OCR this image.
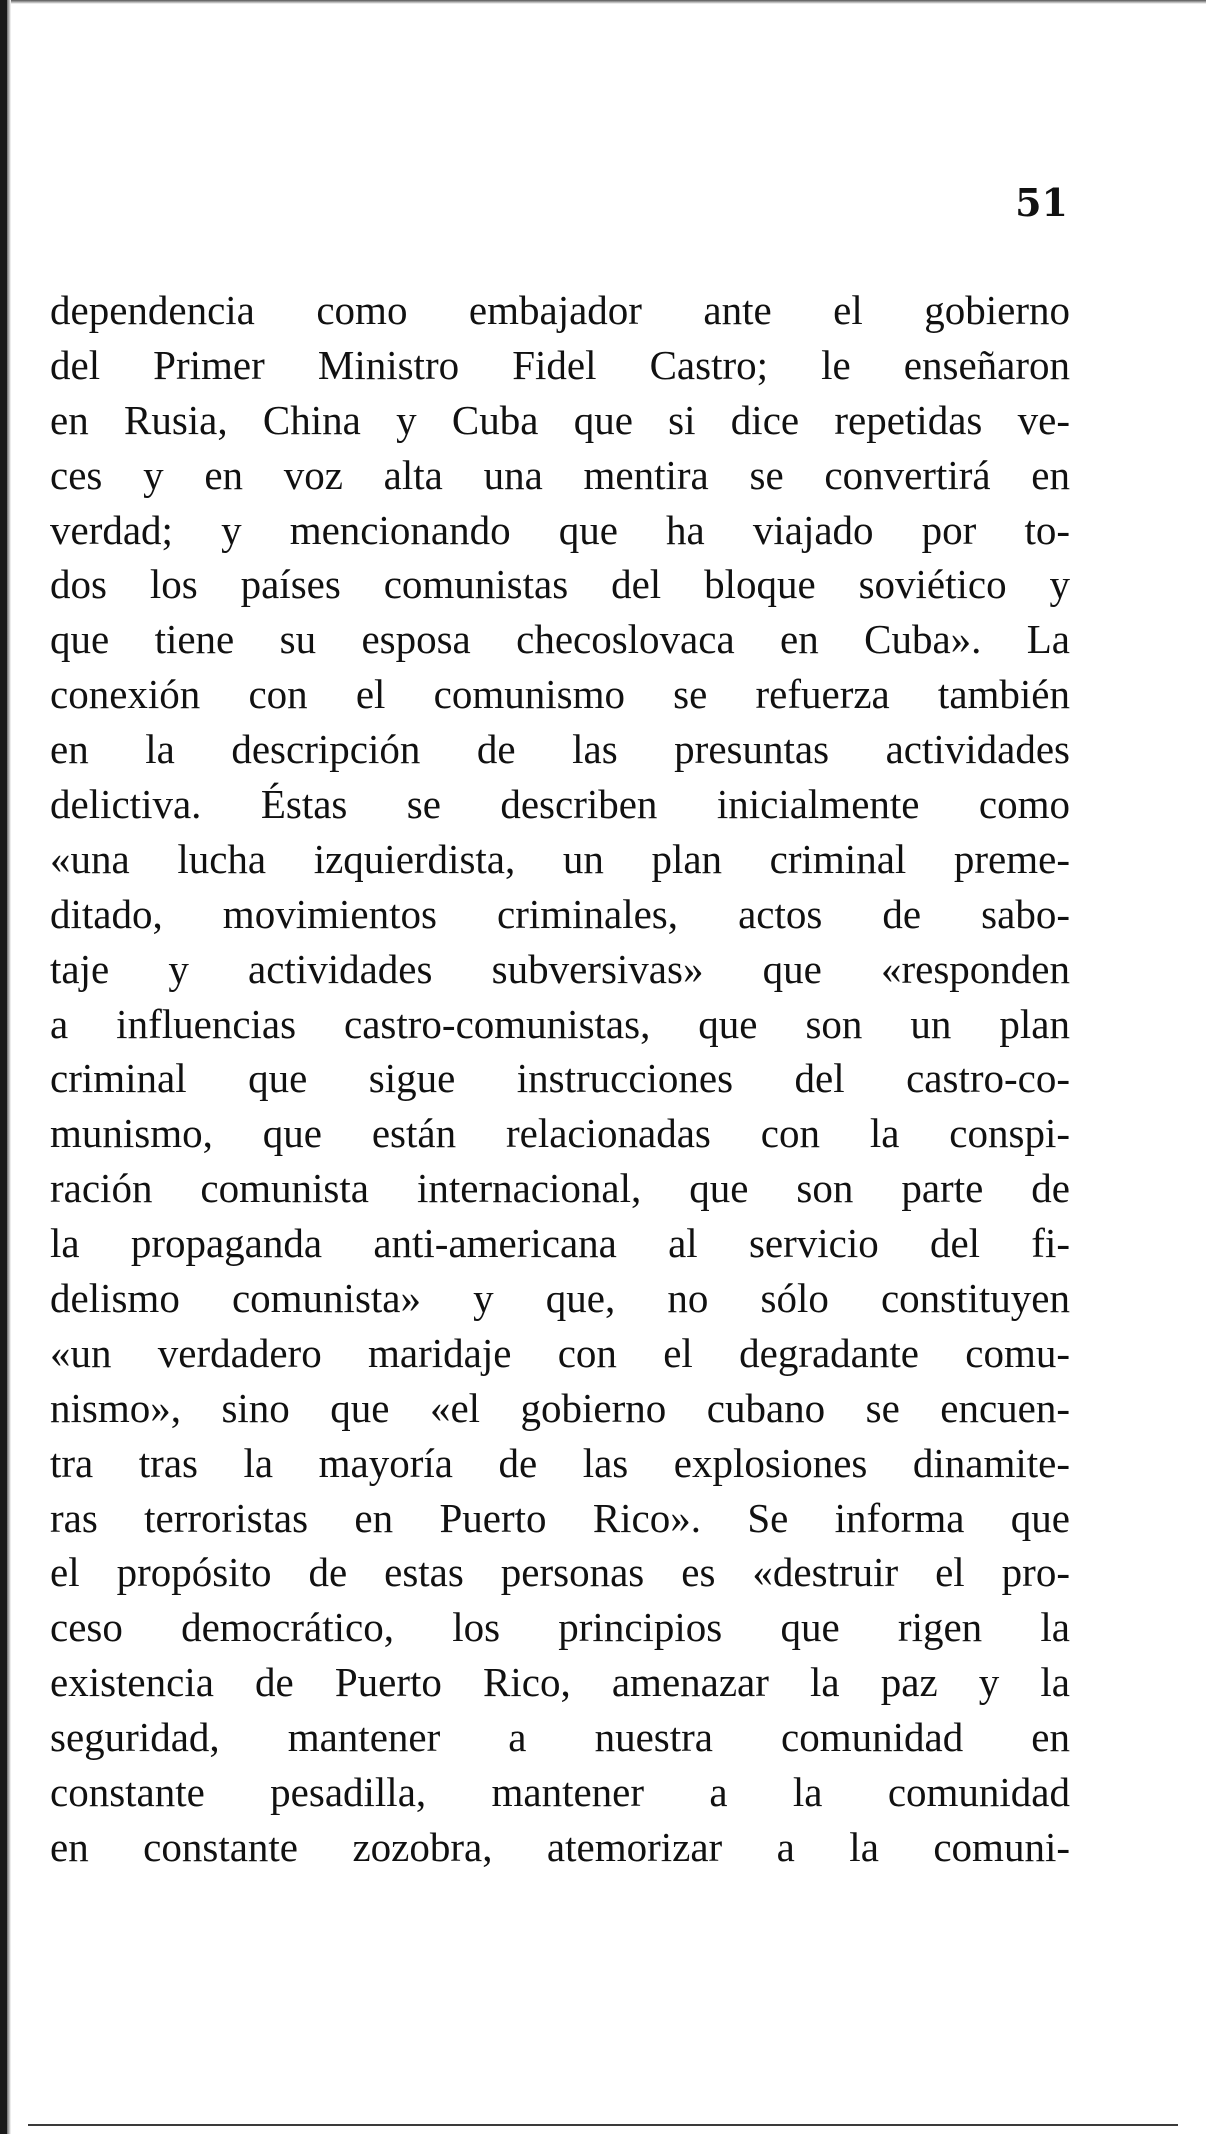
51
dependencia como embajador ante el gobierno
del Primer Ministro Fidel Castro; le enseñaron
en Rusia, China y Cuba que si dice repetidas ve-
ces y en voz alta una mentira se convertirá en
verdad; y mencionando que ha viajado por to-
dos los países comunistas del bloque soviético y
que tiene su esposa checoslovaca en Cuba». La
conexión con el comunismo se refuerza también
en la descripción de las presuntas actividades
delictiva. Éstas se describen inicialmente como
«una lucha izquierdista, un plan criminal preme-
ditado, movimientos criminales, actos de sabo-
taje y actividades subversivas» que «responden
a influencias castro-comunistas, que son un plan
criminal que sigue instrucciones del castro-co-
munismo, que están relacionadas con la conspi-
ración comunista internacional, que son parte de
la propaganda anti-americana al servicio del fi-
delismo comunista» y que, no sólo constituyen
«un verdadero maridaje con el degradante comu-
nismo», sino que «el gobierno cubano se encuen-
tra tras la mayoría de las explosiones dinamite-
ras terroristas en Puerto Rico». Se informa que
el propósito de estas personas es «destruir el pro-
ceso democrático, los principios que rigen la
existencia de Puerto Rico, amenazar la paz y la
seguridad, mantener a nuestra comunidad en
constante pesadilla, mantener a la comunidad
en constante zozobra, atemorizar a la comuni-
